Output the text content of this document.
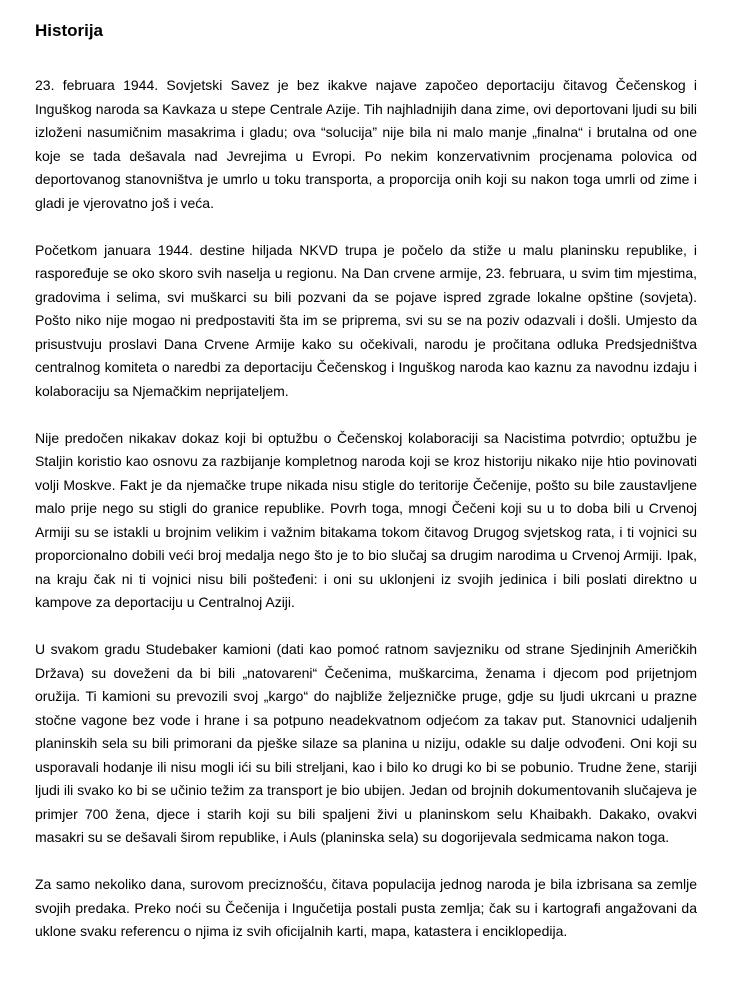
Historija

23. februara 1944. Sovjetski Savez je bez ikakve najave započeo deportaciju čitavog Čečenskog i Inguškog naroda sa Kavkaza u stepe Centrale Azije. Tih najhladnijih dana zime, ovi deportovani ljudi su bili izloženi nasumičnim masakrima i gladu; ova “solucija” nije bila ni malo manje „finalna“ i brutalna od one koje se tada dešavala nad Jevrejima u Evropi. Po nekim konzervativnim procjenama polovica od deportovanog stanovništva je umrlo u toku transporta, a proporcija onih koji su nakon toga umrli od zime i gladi je vjerovatno još i veća.

Početkom januara 1944. destine hiljada NKVD trupa je počelo da stiže u malu planinsku republike, i raspoređuje se oko skoro svih naselja u regionu. Na Dan crvene armije, 23. februara, u svim tim mjestima, gradovima i selima, svi muškarci su bili pozvani da se pojave ispred zgrade lokalne opštine (sovjeta). Pošto niko nije mogao ni predpostaviti šta im se priprema, svi su se na poziv odazvali i došli. Umjesto da prisustvuju proslavi Dana Crvene Armije kako su očekivali, narodu je pročitana odluka Predsjedništva centralnog komiteta o naredbi za deportaciju Čečenskog i Inguškog naroda kao kaznu za navodnu izdaju i kolaboraciju sa Njemačkim neprijateljem.

Nije predočen nikakav dokaz koji bi optužbu o Čečenskoj kolaboraciji sa Nacistima potvrdio; optužbu je Staljin koristio kao osnovu za razbijanje kompletnog naroda koji se kroz historiju nikako nije htio povinovati volji Moskve. Fakt je da njemačke trupe nikada nisu stigle do teritorije Čečenije, pošto su bile zaustavljene malo prije nego su stigli do granice republike. Povrh toga, mnogi Čečeni koji su u to doba bili u Crvenoj Armiji su se istakli u brojnim velikim i važnim bitakama tokom čitavog Drugog svjetskog rata, i ti vojnici su proporcionalno dobili veći broj medalja nego što je to bio slučaj sa drugim narodima u Crvenoj Armiji. Ipak, na kraju čak ni ti vojnici nisu bili pošteđeni: i oni su uklonjeni iz svojih jedinica i bili poslati direktno u kampove za deportaciju u Centralnoj Aziji.

U svakom gradu Studebaker kamioni (dati kao pomoć ratnom savjezniku od strane Sjedinjnih Američkih Država) su doveženi da bi bili „natovareni“ Čečenima, muškarcima, ženama i djecom pod prijetnjom oružija. Ti kamioni su prevozili svoj „kargo“ do najbliže željezničke pruge, gdje su ljudi ukrcani u prazne stočne vagone bez vode i hrane i sa potpuno neadekvatnom odjećom za takav put. Stanovnici udaljenih planinskih sela su bili primorani da pješke silaze sa planina u niziju, odakle su dalje odvođeni. Oni koji su usporavali hodanje ili nisu mogli ići su bili streljani, kao i bilo ko drugi ko bi se pobunio. Trudne žene, stariji ljudi ili svako ko bi se učinio težim za transport je bio ubijen. Jedan od brojnih dokumentovanih slučajeva je primjer 700 žena, djece i starih koji su bili spaljeni živi u planinskom selu Khaibakh. Dakako, ovakvi masakri su se dešavali širom republike, i Auls (planinska sela) su dogorijevala sedmicama nakon toga.

Za samo nekoliko dana, surovom preciznošću, čitava populacija jednog naroda je bila izbrisana sa zemlje svojih predaka. Preko noći su Čečenija i Ingučetija postali pusta zemlja; čak su i kartografi angažovani da uklone svaku referencu o njima iz svih oficijalnih karti, mapa, katastera i enciklopedija.
